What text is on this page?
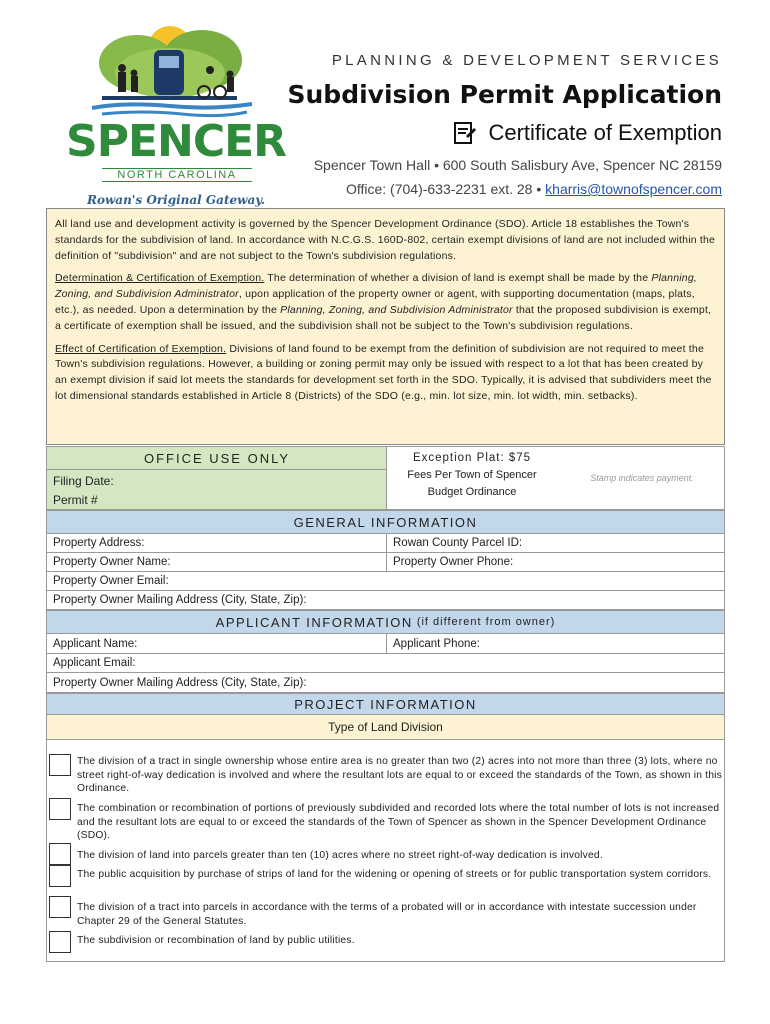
SPENCER
NORTH CAROLINA
Rowan's Original Gateway.
PLANNING & DEVELOPMENT SERVICES
Subdivision Permit Application
Certificate of Exemption
Spencer Town Hall • 600 South Salisbury Ave, Spencer NC 28159
Office: (704)-633-2231 ext. 28 • kharris@townofspencer.com

All land use and development activity is governed by the Spencer Development Ordinance (SDO). Article 18 establishes the Town's standards for the subdivision of land. In accordance with N.C.G.S. 160D-802, certain exempt divisions of land are not included within the definition of "subdivision" and are not subject to the Town's subdivision regulations.

Determination & Certification of Exemption. The determination of whether a division of land is exempt shall be made by the Planning, Zoning, and Subdivision Administrator, upon application of the property owner or agent, with supporting documentation (maps, plats, etc.), as needed. Upon a determination by the Planning, Zoning, and Subdivision Administrator that the proposed subdivision is exempt, a certificate of exemption shall be issued, and the subdivision shall not be subject to the Town's subdivision regulations.

Effect of Certification of Exemption. Divisions of land found to be exempt from the definition of subdivision are not required to meet the Town's subdivision regulations. However, a building or zoning permit may only be issued with respect to a lot that has been created by an exempt division if said lot meets the standards for development set forth in the SDO. Typically, it is advised that subdividers meet the lot dimensional standards established in Article 8 (Districts) of the SDO (e.g., min. lot size, min. lot width, min. setbacks).

OFFICE USE ONLY
Filing Date:
Permit #
Exception Plat: $75
Fees Per Town of Spencer
Budget Ordinance
Stamp indicates payment.
GENERAL INFORMATION
Property Address:	Rowan County Parcel ID:
Property Owner Name:	Property Owner Phone:
Property Owner Email:
Property Owner Mailing Address (City, State, Zip):
APPLICANT INFORMATION (if different from owner)
Applicant Name:	Applicant Phone:
Applicant Email:
Property Owner Mailing Address (City, State, Zip):
PROJECT INFORMATION
Type of Land Division
The division of a tract in single ownership whose entire area is no greater than two (2) acres into not more than three (3) lots, where no street right-of-way dedication is involved and where the resultant lots are equal to or exceed the standards of the Town, as shown in this Ordinance.
The combination or recombination of portions of previously subdivided and recorded lots where the total number of lots is not increased and the resultant lots are equal to or exceed the standards of the Town of Spencer as shown in the Spencer Development Ordinance (SDO).
The division of land into parcels greater than ten (10) acres where no street right-of-way dedication is involved.
The public acquisition by purchase of strips of land for the widening or opening of streets or for public transportation system corridors.
The division of a tract into parcels in accordance with the terms of a probated will or in accordance with intestate succession under Chapter 29 of the General Statutes.
The subdivision or recombination of land by public utilities.
